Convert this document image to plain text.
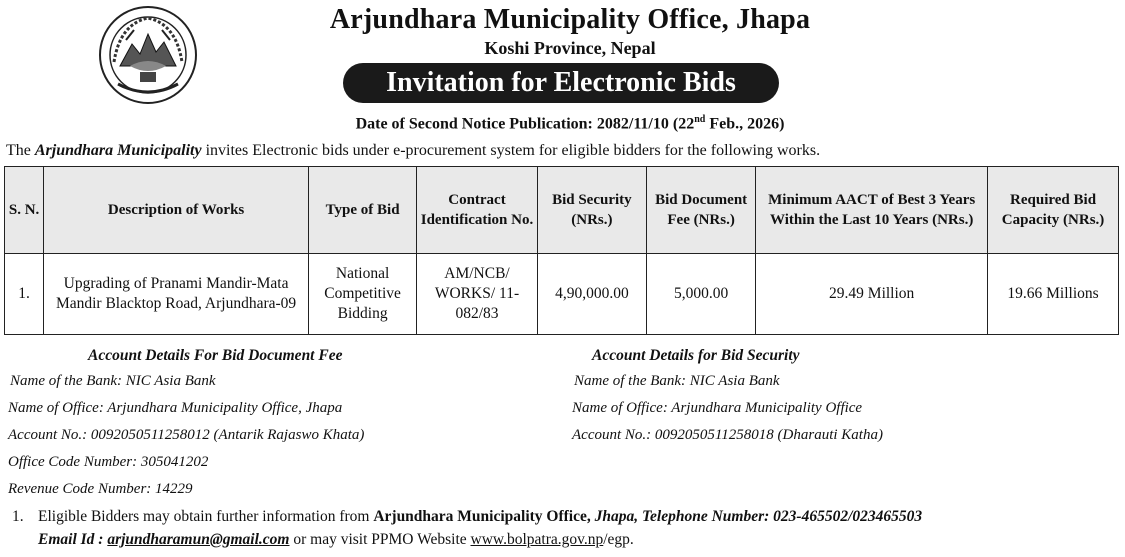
Arjundhara Municipality Office, Jhapa
Koshi Province, Nepal
Invitation for Electronic Bids
Date of Second Notice Publication: 2082/11/10 (22nd Feb., 2026)
The Arjundhara Municipality invites Electronic bids under e-procurement system for eligible bidders for the following works.
S. N.	Description of Works	Type of Bid	Contract Identification No.	Bid Security (NRs.)	Bid Document Fee (NRs.)	Minimum AACT of Best 3 Years Within the Last 10 Years (NRs.)	Required Bid Capacity (NRs.)
1.	Upgrading of Pranami Mandir-Mata Mandir Blacktop Road, Arjundhara-09	National Competitive Bidding	AM/NCB/ WORKS/ 11-082/83	4,90,000.00	5,000.00	29.49 Million	19.66 Millions
Account Details For Bid Document Fee
Name of the Bank: NIC Asia Bank
Name of Office: Arjundhara Municipality Office, Jhapa
Account No.: 0092050511258012 (Antarik Rajaswo Khata)
Office Code Number: 305041202
Revenue Code Number: 14229
Account Details for Bid Security
Name of the Bank: NIC Asia Bank
Name of Office: Arjundhara Municipality Office
Account No.: 0092050511258018 (Dharauti Katha)
1. Eligible Bidders may obtain further information from Arjundhara Municipality Office, Jhapa, Telephone Number: 023-465502/023465503
Email Id : arjundharamun@gmail.com or may visit PPMO Website www.bolpatra.gov.np/egp.
